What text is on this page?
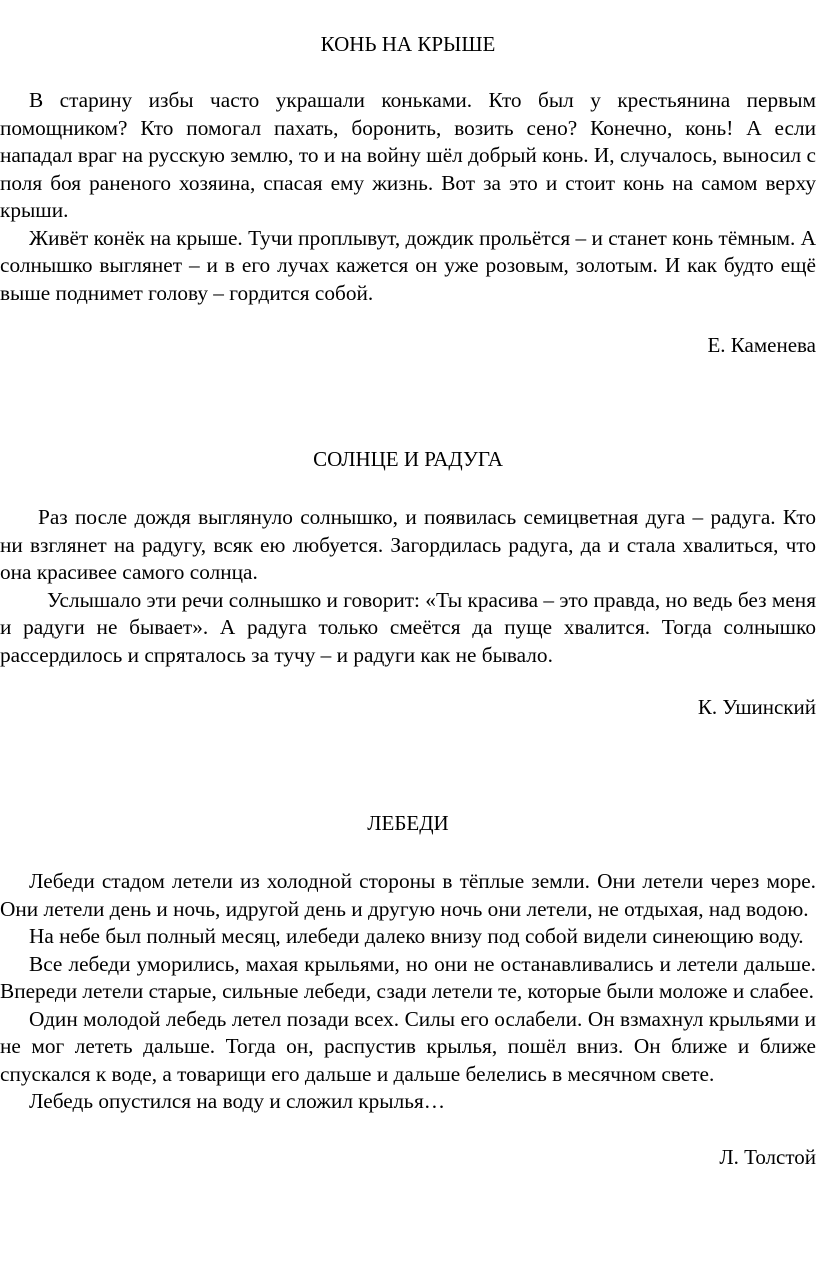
КОНЬ НА КРЫШЕ

В старину избы часто украшали коньками. Кто был у крестьянина первым помощником? Кто помогал пахать, боронить, возить сено? Конечно, конь! А если нападал враг на русскую землю, то и на войну шёл добрый конь. И, случалось, выносил с поля боя раненого хозяина, спасая ему жизнь. Вот за это и стоит конь на самом верху крыши.

Живёт конёк на крыше. Тучи проплывут, дождик прольётся – и станет конь тёмным. А солнышко выглянет – и в его лучах кажется он уже розовым, золотым. И как будто ещё выше поднимет голову – гордится собой.

Е. Каменева

СОЛНЦЕ И РАДУГА

Раз после дождя выглянуло солнышко, и появилась семицветная дуга – радуга. Кто ни взглянет на радугу, всяк ею любуется. Загордилась радуга, да и стала хвалиться, что она красивее самого солнца.

Услышало эти речи солнышко и говорит: «Ты красива – это правда, но ведь без меня и радуги не бывает». А радуга только смеётся да пуще хвалится. Тогда солнышко рассердилось и спряталось за тучу – и радуги как не бывало.

К. Ушинский

ЛЕБЕДИ

Лебеди стадом летели из холодной стороны в тёплые земли. Они летели через море. Они летели день и ночь, идругой день и другую ночь они летели, не отдыхая, над водою.

На небе был полный месяц, илебеди далеко внизу под собой видели синеющию воду.

Все лебеди уморились, махая крыльями, но они не останавливались и летели дальше. Впереди летели старые, сильные лебеди, сзади летели те, которые были моложе и слабее.

Один молодой лебедь летел позади всех. Силы его ослабели. Он взмахнул крыльями и не мог лететь дальше. Тогда он, распустив крылья, пошёл вниз. Он ближе и ближе спускался к воде, а товарищи его дальше и дальше белелись в месячном свете.

Лебедь опустился на воду и сложил крылья…

Л. Толстой
